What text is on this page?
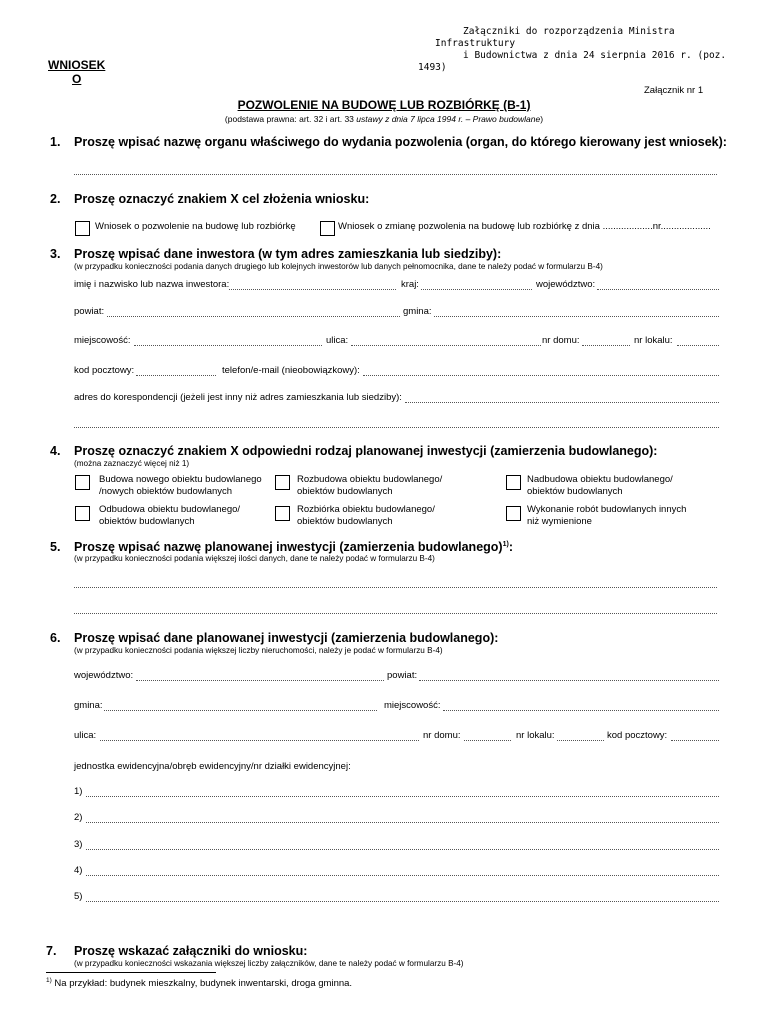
Załączniki do rozporządzenia Ministra
Infrastruktury
i Budownictwa z dnia 24 sierpnia 2016 r. (poz.
1493)
WNIOSEK
O
Załącznik nr 1
POZWOLENIE NA BUDOWĘ LUB ROZBIÓRKĘ (B-1)
(podstawa prawna: art. 32 i art. 33 ustawy z dnia 7 lipca 1994 r. – Prawo budowlane)
1. Proszę wpisać nazwę organu właściwego do wydania pozwolenia (organ, do którego kierowany jest wniosek):
2. Proszę oznaczyć znakiem X cel złożenia wniosku:
Wniosek o pozwolenie na budowę lub rozbiórkę	Wniosek o zmianę pozwolenia na budowę lub rozbiórkę z dnia ...................nr...................
3. Proszę wpisać dane inwestora (w tym adres zamieszkania lub siedziby):
(w przypadku konieczności podania danych drugiego lub kolejnych inwestorów lub danych pełnomocnika, dane te należy podać w formularzu B-4)
imię i nazwisko lub nazwa inwestora:	kraj:	województwo:
powiat:	gmina:
miejscowość:	ulica:	nr domu:	nr lokalu:
kod pocztowy:	telefon/e-mail (nieobowiązkowy):
adres do korespondencji (jeżeli jest inny niż adres zamieszkania lub siedziby):
4. Proszę oznaczyć znakiem X odpowiedni rodzaj planowanej inwestycji (zamierzenia budowlanego):
(można zaznaczyć więcej niż 1)
Budowa nowego obiektu budowlanego
/nowych obiektów budowlanych
Rozbudowa obiektu budowlanego/
obiektów budowlanych
Nadbudowa obiektu budowlanego/
obiektów budowlanych
Odbudowa obiektu budowlanego/
obiektów budowlanych
Rozbiórka obiektu budowlanego/
obiektów budowlanych
Wykonanie robót budowlanych innych
niż wymienione
5. Proszę wpisać nazwę planowanej inwestycji (zamierzenia budowlanego)$^{1)}$:
(w przypadku konieczności podania większej ilości danych, dane te należy podać w formularzu B-4)
6. Proszę wpisać dane planowanej inwestycji (zamierzenia budowlanego):
(w przypadku konieczności podania większej liczby nieruchomości, należy je podać w formularzu B-4)
województwo:	powiat:
gmina:	miejscowość:
ulica:	nr domu:	nr lokalu:	kod pocztowy:
jednostka ewidencyjna/obręb ewidencyjny/nr działki ewidencyjnej:
1)
2)
3)
4)
5)
7. Proszę wskazać załączniki do wniosku:
(w przypadku konieczności wskazania większej liczby załączników, dane te należy podać w formularzu B-4)
$^{1)}$ Na przykład: budynek mieszkalny, budynek inwentarski, droga gminna.
